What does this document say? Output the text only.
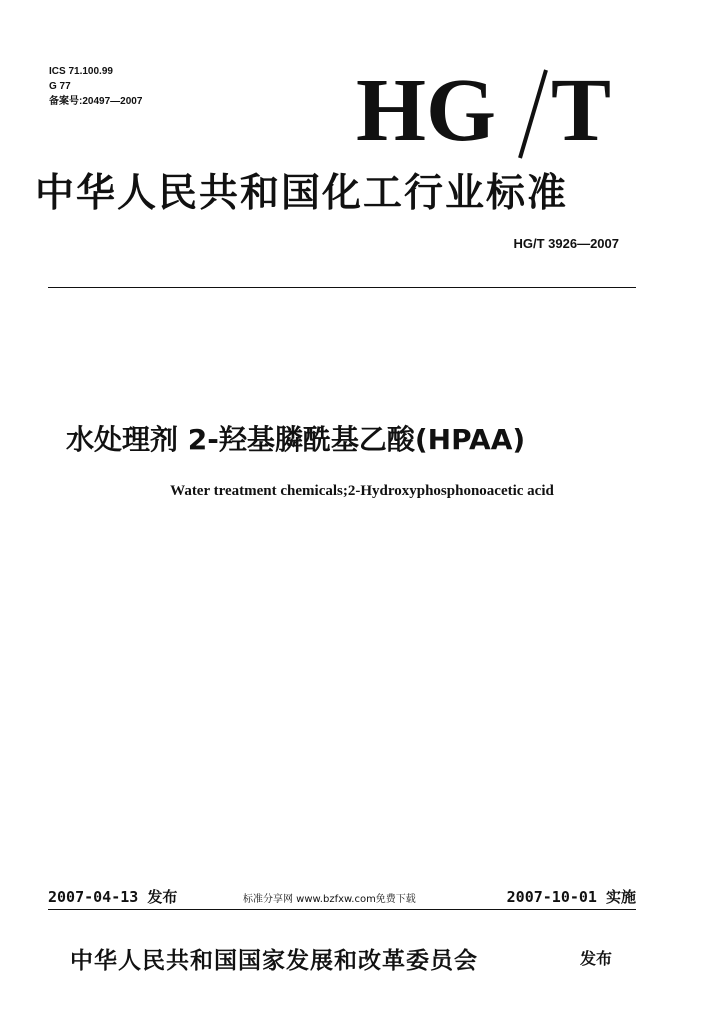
ICS 71.100.99
G 77
备案号:20497—2007 HG T
中华人民共和国化工行业标准
HG/T 3926—2007
水处理剂 2-羟基膦酰基乙酸(HPAA)
Water treatment chemicals;2-Hydroxyphosphonoacetic acid
2007-04-13 发布	标准分享网 www.bzfxw.com免费下载	2007-10-01 实施
中华人民共和国国家发展和改革委员会	发布
